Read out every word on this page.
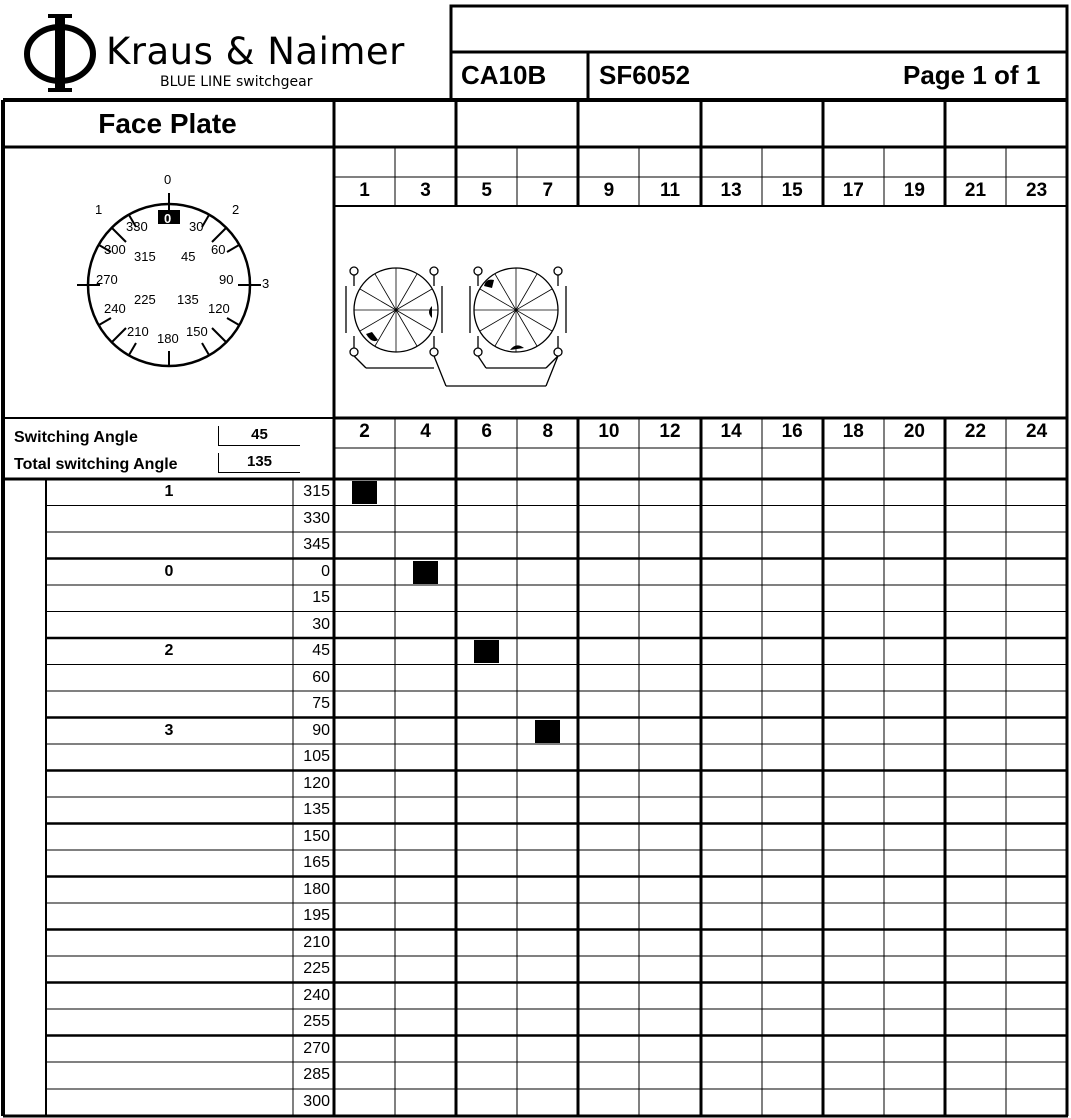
Kraus & Naimer
BLUE LINE switchgear	CA10B SF6052	Page 1 of 1
Face Plate
0
1	2
3
0
30
60
90
120
150
180
210
240
270
300
330
315 45
135
225
Switching Angle	45
Total switching Angle	135
1	3	5	7	9	11	13	15	17	19	21	23
2	4	6	8	10	12	14	16	18	20	22	24
1	315
330
345
0	0
15
30
2	45
60
75
3	90
105
120
135
150
165
180
195
210
225
240
255
270
285
300
